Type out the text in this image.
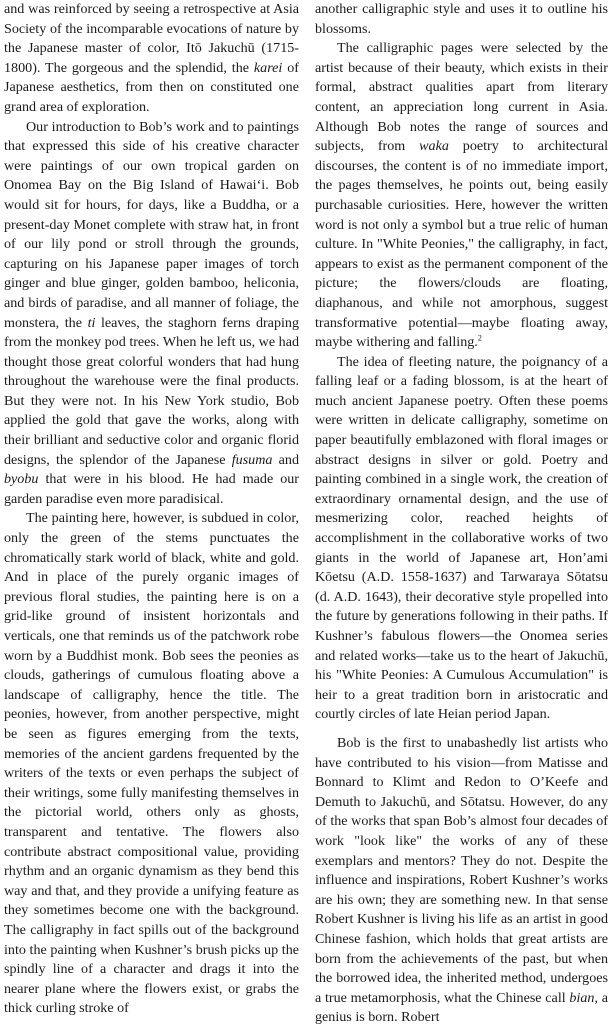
and was reinforced by seeing a retrospective at Asia Society of the incomparable evocations of nature by the Japanese master of color, Itō Jakuchū (1715-1800). The gorgeous and the splendid, the karei of Japanese aesthetics, from then on constituted one grand area of exploration.

Our introduction to Bob’s work and to paintings that expressed this side of his creative character were paintings of our own tropical garden on Onomea Bay on the Big Island of Hawai‘i. Bob would sit for hours, for days, like a Buddha, or a present-day Monet complete with straw hat, in front of our lily pond or stroll through the grounds, capturing on his Japanese paper images of torch ginger and blue ginger, golden bamboo, heliconia, and birds of paradise, and all manner of foliage, the monstera, the ti leaves, the staghorn ferns draping from the monkey pod trees. When he left us, we had thought those great colorful wonders that had hung throughout the warehouse were the final products. But they were not. In his New York studio, Bob applied the gold that gave the works, along with their brilliant and seductive color and organic florid designs, the splendor of the Japanese fusuma and byobu that were in his blood. He had made our garden paradise even more paradisical.

The painting here, however, is subdued in color, only the green of the stems punctuates the chromatically stark world of black, white and gold. And in place of the purely organic images of previous floral studies, the painting here is on a grid-like ground of insistent horizontals and verticals, one that reminds us of the patchwork robe worn by a Buddhist monk. Bob sees the peonies as clouds, gatherings of cumulous floating above a landscape of calligraphy, hence the title. The peonies, however, from another perspective, might be seen as figures emerging from the texts, memories of the ancient gardens frequented by the writers of the texts or even perhaps the subject of their writings, some fully manifesting themselves in the pictorial world, others only as ghosts, transparent and tentative. The flowers also contribute abstract compositional value, providing rhythm and an organic dynamism as they bend this way and that, and they provide a unifying feature as they sometimes become one with the background. The calligraphy in fact spills out of the background into the painting when Kushner’s brush picks up the spindly line of a character and drags it into the nearer plane where the flowers exist, or grabs the thick curling stroke of

another calligraphic style and uses it to outline his blossoms.

The calligraphic pages were selected by the artist because of their beauty, which exists in their formal, abstract qualities apart from literary content, an appreciation long current in Asia. Although Bob notes the range of sources and subjects, from waka poetry to architectural discourses, the content is of no immediate import, the pages themselves, he points out, being easily purchasable curiosities. Here, however the written word is not only a symbol but a true relic of human culture. In "White Peonies," the calligraphy, in fact, appears to exist as the permanent component of the picture; the flowers/clouds are floating, diaphanous, and while not amorphous, suggest transformative potential—maybe floating away, maybe withering and falling.$^2$

The idea of fleeting nature, the poignancy of a falling leaf or a fading blossom, is at the heart of much ancient Japanese poetry. Often these poems were written in delicate calligraphy, sometime on paper beautifully emblazoned with floral images or abstract designs in silver or gold. Poetry and painting combined in a single work, the creation of extraordinary ornamental design, and the use of mesmerizing color, reached heights of accomplishment in the collaborative works of two giants in the world of Japanese art, Hon’ami Kōetsu (A.D. 1558-1637) and Tarwaraya Sōtatsu (d. A.D. 1643), their decorative style propelled into the future by generations following in their paths. If Kushner’s fabulous flowers—the Onomea series and related works—take us to the heart of Jakuchū, his "White Peonies: A Cumulous Accumulation" is heir to a great tradition born in aristocratic and courtly circles of late Heian period Japan.

Bob is the first to unabashedly list artists who have contributed to his vision—from Matisse and Bonnard to Klimt and Redon to O’Keefe and Demuth to Jakuchū, and Sōtatsu. However, do any of the works that span Bob’s almost four decades of work "look like" the works of any of these exemplars and mentors? They do not. Despite the influence and inspirations, Robert Kushner’s works are his own; they are something new. In that sense Robert Kushner is living his life as an artist in good Chinese fashion, which holds that great artists are born from the achievements of the past, but when the borrowed idea, the inherited method, undergoes a true metamorphosis, what the Chinese call bian, a genius is born. Robert
